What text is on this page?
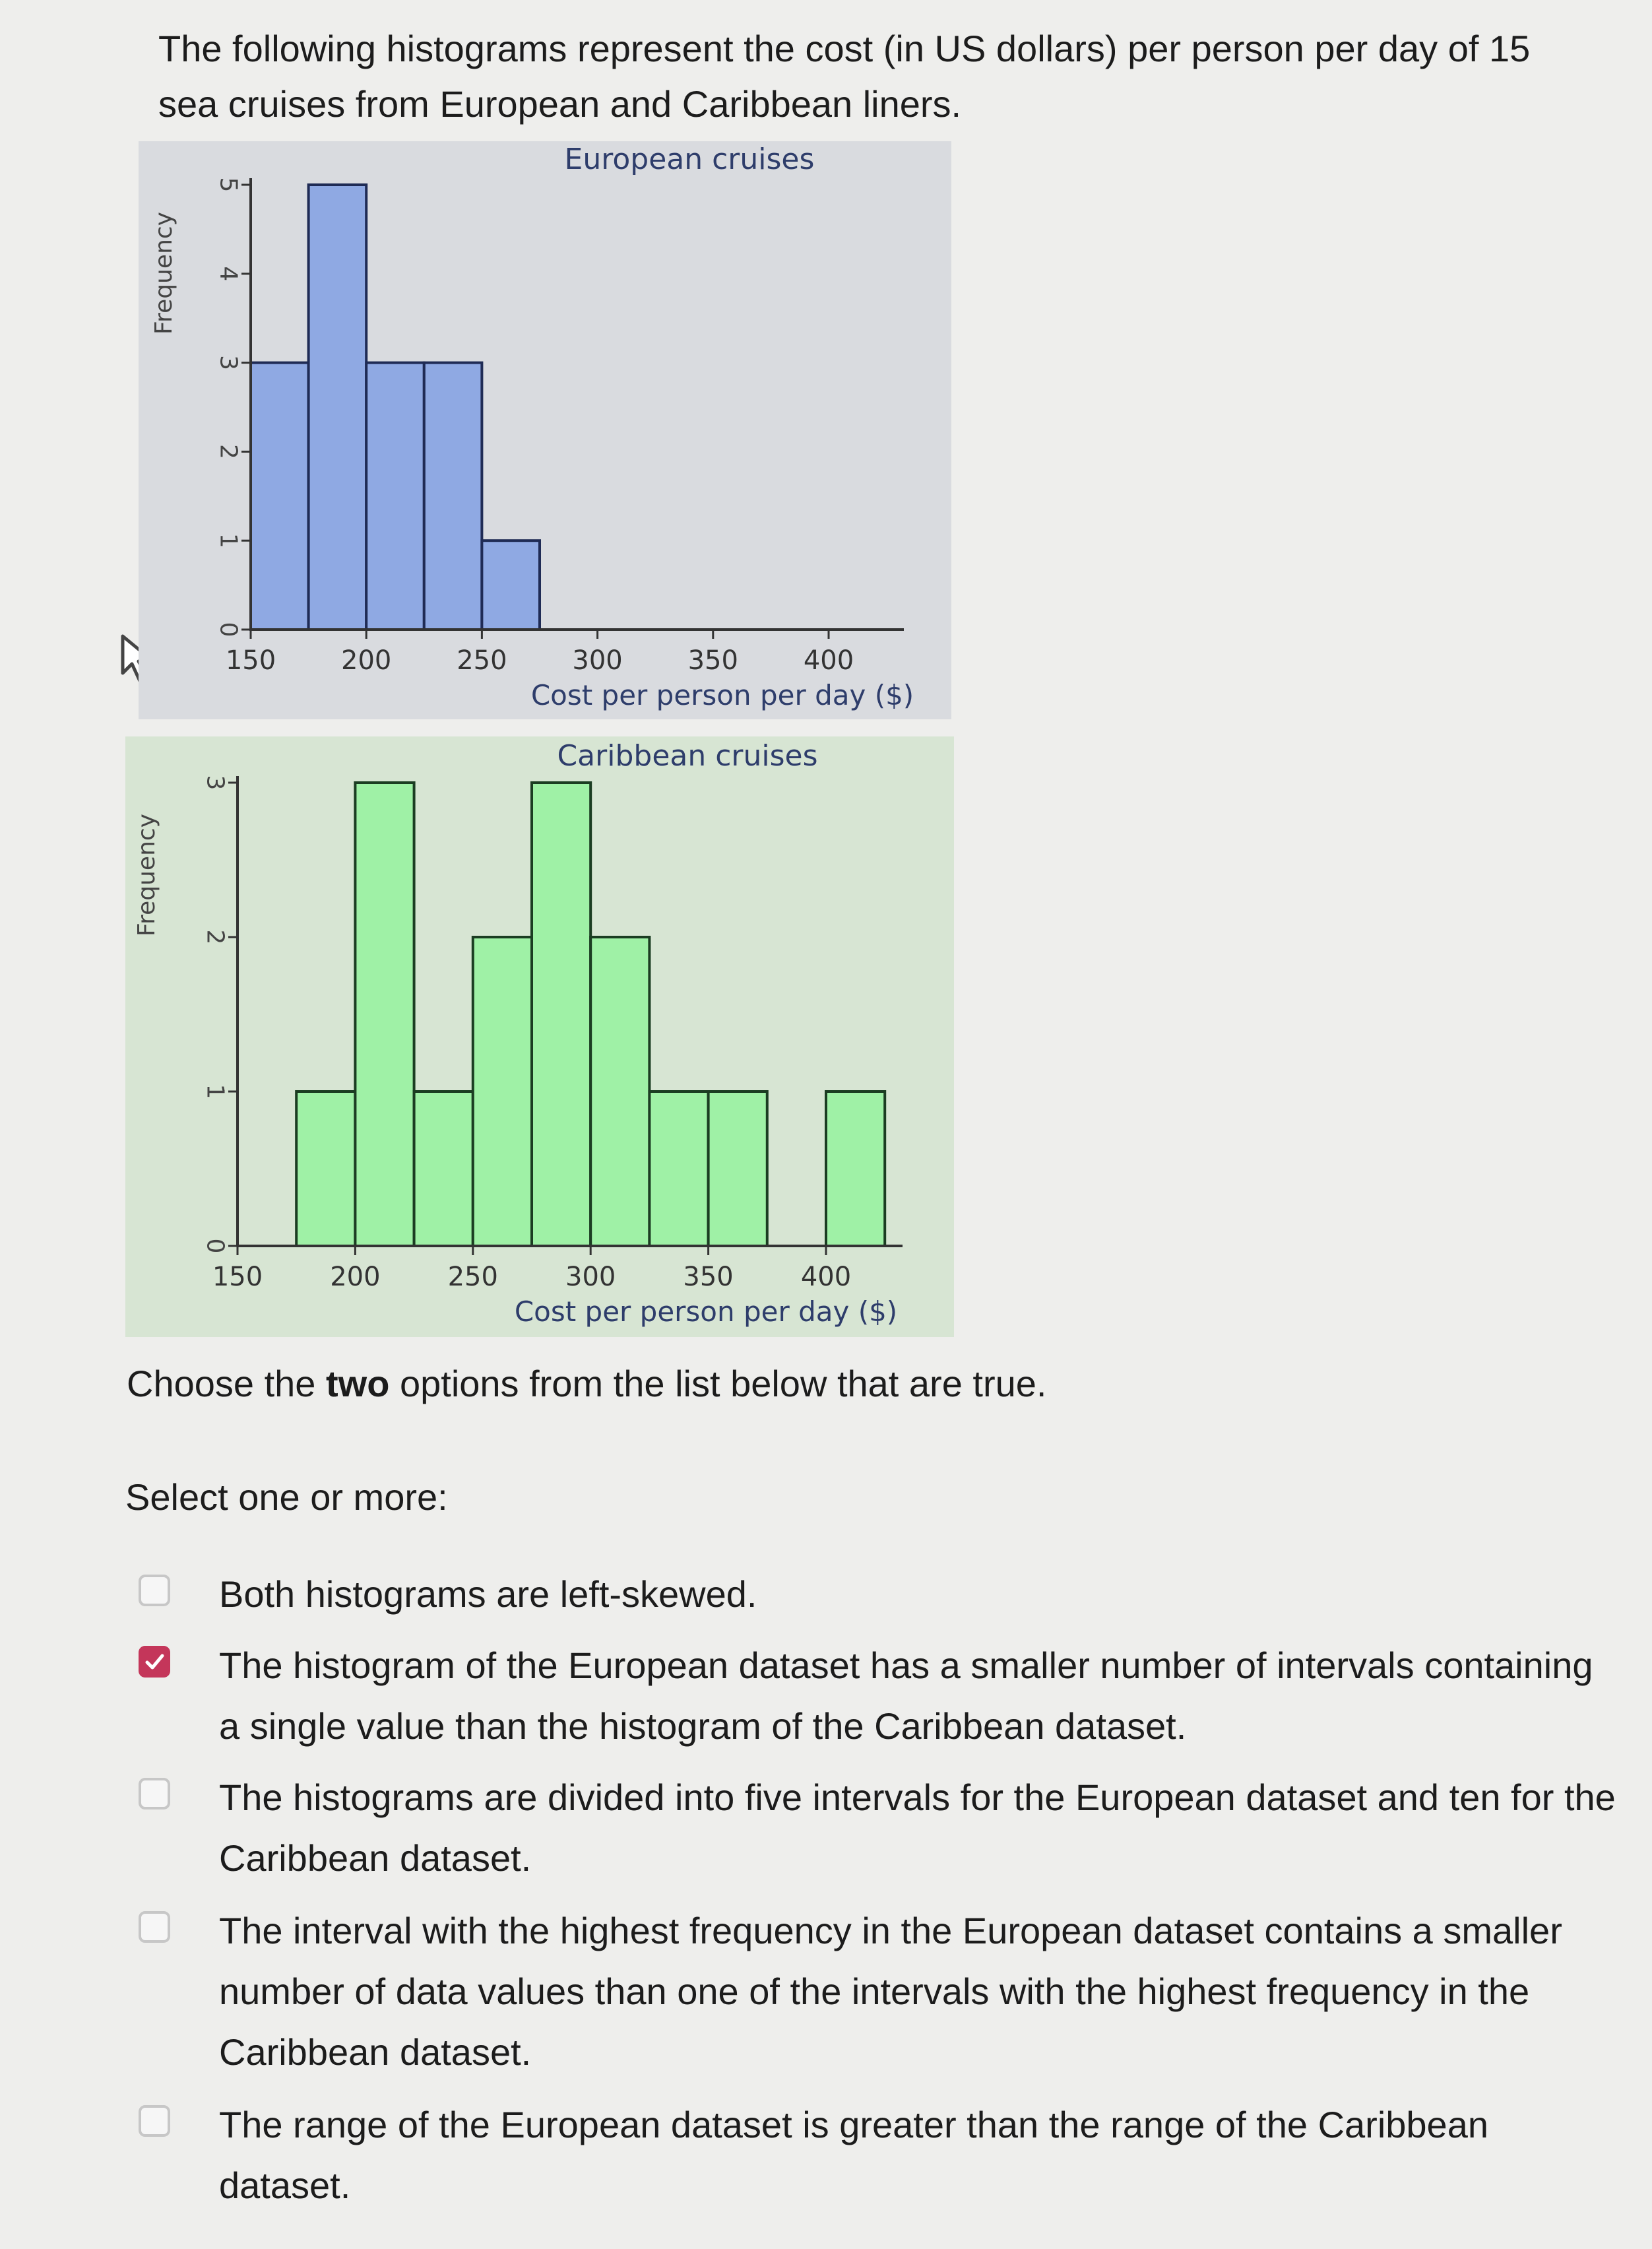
The following histograms represent the cost (in US dollars) per person per day of 15 sea cruises from European and Caribbean liners.
European cruises
150 200 250 300 350 400
0
1
2
3
4
5
Cost per person per day ($)
Frequency
Caribbean cruises
150	200	250	300	350	400
0
1
2
3
Cost per person per day ($)
Frequency
Choose the two options from the list below that are true.
Select one or more:
Both histograms are left-skewed.
The histogram of the European dataset has a smaller number of intervals containing a single value than the histogram of the Caribbean dataset.
The histograms are divided into five intervals for the European dataset and ten for the Caribbean dataset.
The interval with the highest frequency in the European dataset contains a smaller number of data values than one of the intervals with the highest frequency in the Caribbean dataset.
The range of the European dataset is greater than the range of the Caribbean dataset.
